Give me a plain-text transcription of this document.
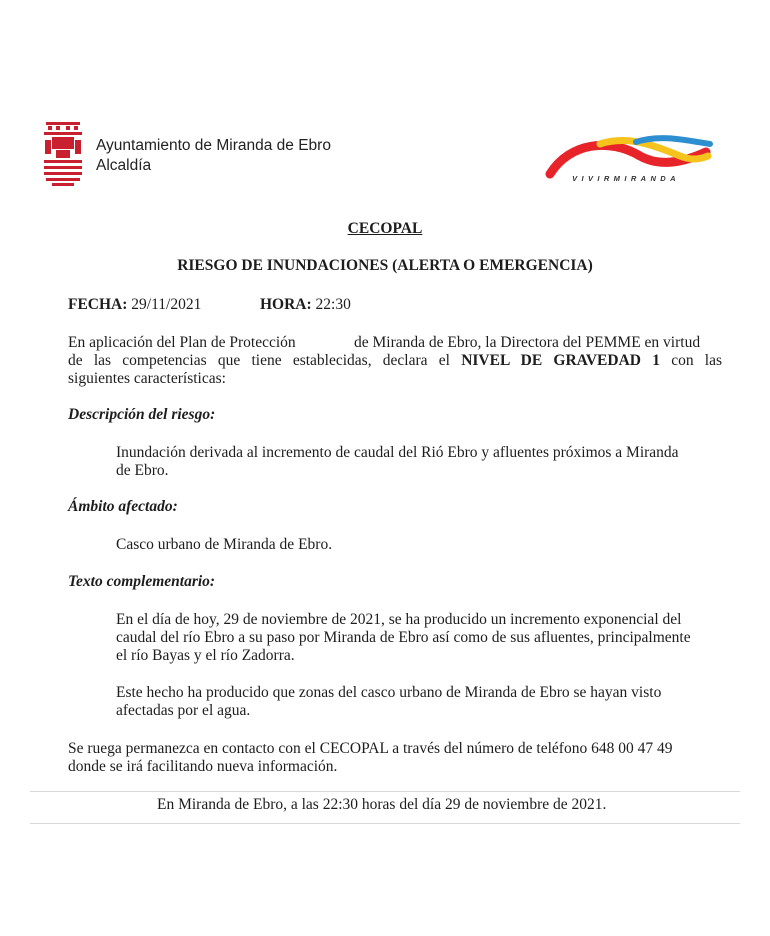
Ayuntamiento de Miranda de Ebro
Alcaldía
VIVIRMIRANDA
CECOPAL
RIESGO DE INUNDACIONES (ALERTA O EMERGENCIA)
FECHA: 29/11/2021	HORA: 22:30
En aplicación del Plan de Protección	de Miranda de Ebro, la Directora del PEMME en virtud
de las competencias que tiene establecidas, declara el NIVEL DE GRAVEDAD 1 con las
siguientes características:
Descripción del riesgo:
Inundación derivada al incremento de caudal del Rió Ebro y afluentes próximos a Miranda
de Ebro.
Ámbito afectado:
Casco urbano de Miranda de Ebro.
Texto complementario:
En el día de hoy, 29 de noviembre de 2021, se ha producido un incremento exponencial del
caudal del río Ebro a su paso por Miranda de Ebro así como de sus afluentes, principalmente
el río Bayas y el río Zadorra.
Este hecho ha producido que zonas del casco urbano de Miranda de Ebro se hayan visto
afectadas por el agua.
Se ruega permanezca en contacto con el CECOPAL a través del número de teléfono 648 00 47 49
donde se irá facilitando nueva información.
En Miranda de Ebro, a las 22:30 horas del día 29 de noviembre de 2021.
